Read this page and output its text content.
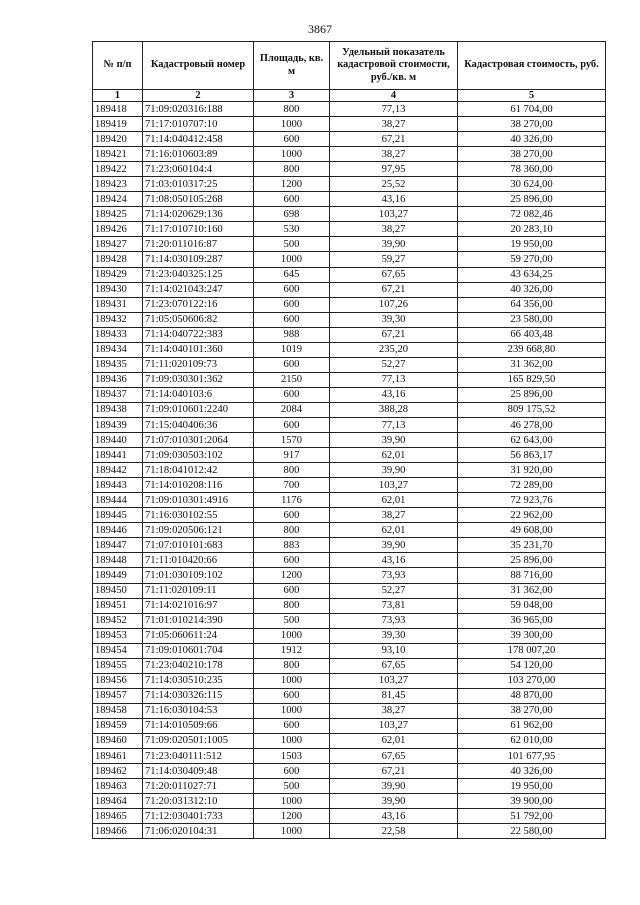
3867
№ п/п	Кадастровый номер	Площадь, кв. м	Удельный показатель кадастровой стоимости, руб./кв. м	Кадастровая стоимость, руб.
1	2	3	4	5
189418	71:09:020316:188	800	77,13	61 704,00
189419	71:17:010707:10	1000	38,27	38 270,00
189420	71:14:040412:458	600	67,21	40 326,00
189421	71:16:010603:89	1000	38,27	38 270,00
189422	71:23:060104:4	800	97,95	78 360,00
189423	71:03:010317:25	1200	25,52	30 624,00
189424	71:08:050105:268	600	43,16	25 896,00
189425	71:14:020629:136	698	103,27	72 082,46
189426	71:17:010710:160	530	38,27	20 283,10
189427	71:20:011016:87	500	39,90	19 950,00
189428	71:14:030109:287	1000	59,27	59 270,00
189429	71:23:040325:125	645	67,65	43 634,25
189430	71:14:021043:247	600	67,21	40 326,00
189431	71:23:070122:16	600	107,26	64 356,00
189432	71:05:050606:82	600	39,30	23 580,00
189433	71:14:040722:383	988	67,21	66 403,48
189434	71:14:040101:360	1019	235,20	239 668,80
189435	71:11:020109:73	600	52,27	31 362,00
189436	71:09:030301:362	2150	77,13	165 829,50
189437	71:14:040103:6	600	43,16	25 896,00
189438	71:09:010601:2240	2084	388,28	809 175,52
189439	71:15:040406:36	600	77,13	46 278,00
189440	71:07:010301:2064	1570	39,90	62 643,00
189441	71:09:030503:102	917	62,01	56 863,17
189442	71:18:041012:42	800	39,90	31 920,00
189443	71:14:010208:116	700	103,27	72 289,00
189444	71:09:010301:4916	1176	62,01	72 923,76
189445	71:16:030102:55	600	38,27	22 962,00
189446	71:09:020506:121	800	62,01	49 608,00
189447	71:07:010101:683	883	39,90	35 231,70
189448	71:11:010420:66	600	43,16	25 896,00
189449	71:01:030109:102	1200	73,93	88 716,00
189450	71:11:020109:11	600	52,27	31 362,00
189451	71:14:021016:97	800	73,81	59 048,00
189452	71:01:010214:390	500	73,93	36 965,00
189453	71:05:060611:24	1000	39,30	39 300,00
189454	71:09:010601:704	1912	93,10	178 007,20
189455	71:23:040210:178	800	67,65	54 120,00
189456	71:14:030510:235	1000	103,27	103 270,00
189457	71:14:030326:115	600	81,45	48 870,00
189458	71:16:030104:53	1000	38,27	38 270,00
189459	71:14:010509:66	600	103,27	61 962,00
189460	71:09:020501:1005	1000	62,01	62 010,00
189461	71:23:040111:512	1503	67,65	101 677,95
189462	71:14:030409:48	600	67,21	40 326,00
189463	71:20:011027:71	500	39,90	19 950,00
189464	71:20:031312:10	1000	39,90	39 900,00
189465	71:12:030401:733	1200	43,16	51 792,00
189466	71:06:020104:31	1000	22,58	22 580,00
